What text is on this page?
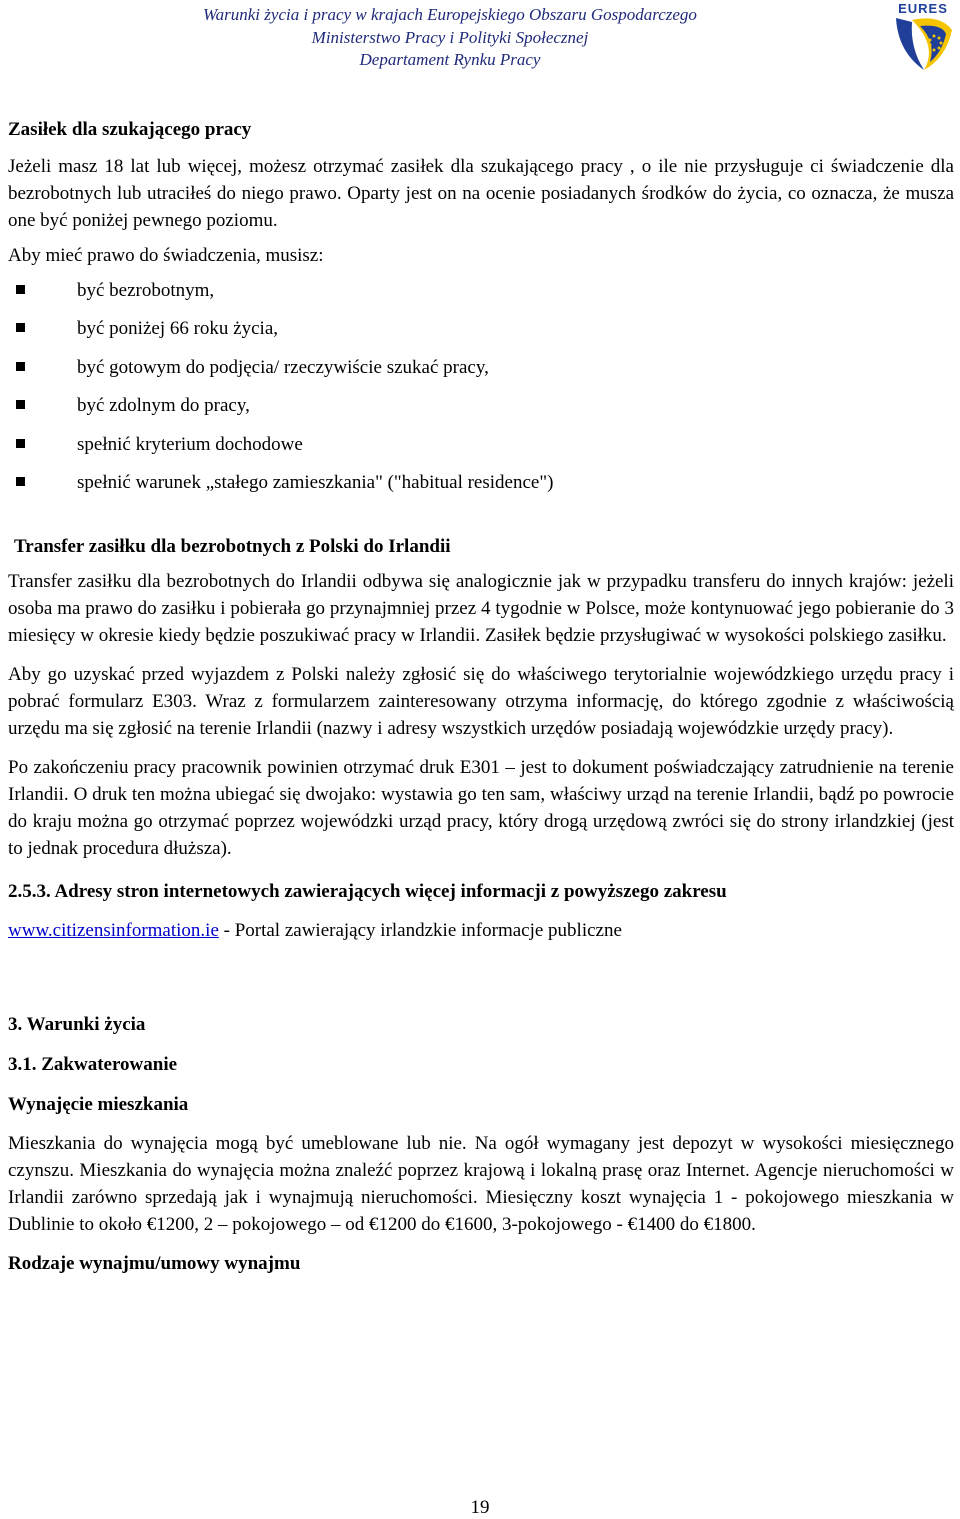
Warunki życia i pracy w krajach Europejskiego Obszaru Gospodarczego
Ministerstwo Pracy i Polityki Społecznej
Departament Rynku Pracy
EURES

Zasiłek dla szukającego pracy

Jeżeli masz 18 lat lub więcej, możesz otrzymać zasiłek dla szukającego pracy , o ile nie przysługuje ci świadczenie dla bezrobotnych lub utraciłeś do niego prawo. Oparty jest on na ocenie posiadanych środków do życia, co oznacza, że musza one być poniżej pewnego poziomu.

Aby mieć prawo do świadczenia, musisz:

być bezrobotnym,
być poniżej 66 roku życia,
być gotowym do podjęcia/ rzeczywiście szukać pracy,
być zdolnym do pracy,
spełnić kryterium dochodowe
spełnić warunek „stałego zamieszkania" ("habitual residence")

Transfer zasiłku dla bezrobotnych z Polski do Irlandii

Transfer zasiłku dla bezrobotnych do Irlandii odbywa się analogicznie jak w przypadku transferu do innych krajów: jeżeli osoba ma prawo do zasiłku i pobierała go przynajmniej przez 4 tygodnie w Polsce, może kontynuować jego pobieranie do 3 miesięcy w okresie kiedy będzie poszukiwać pracy w Irlandii. Zasiłek będzie przysługiwać w wysokości polskiego zasiłku.

Aby go uzyskać przed wyjazdem z Polski należy zgłosić się do właściwego terytorialnie wojewódzkiego urzędu pracy i pobrać formularz E303. Wraz z formularzem zainteresowany otrzyma informację, do którego zgodnie z właściwością urzędu ma się zgłosić na terenie Irlandii (nazwy i adresy wszystkich urzędów posiadają wojewódzkie urzędy pracy).

Po zakończeniu pracy pracownik powinien otrzymać druk E301 – jest to dokument poświadczający zatrudnienie na terenie Irlandii. O druk ten można ubiegać się dwojako: wystawia go ten sam, właściwy urząd na terenie Irlandii, bądź po powrocie do kraju można go otrzymać poprzez wojewódzki urząd pracy, który drogą urzędową zwróci się do strony irlandzkiej (jest to jednak procedura dłuższa).

2.5.3. Adresy stron internetowych zawierających więcej informacji z powyższego zakresu

www.citizensinformation.ie - Portal zawierający irlandzkie informacje publiczne

3. Warunki życia

3.1. Zakwaterowanie

Wynajęcie mieszkania

Mieszkania do wynajęcia mogą być umeblowane lub nie. Na ogół wymagany jest depozyt w wysokości miesięcznego czynszu. Mieszkania do wynajęcia można znaleźć poprzez krajową i lokalną prasę oraz Internet. Agencje nieruchomości w Irlandii zarówno sprzedają jak i wynajmują nieruchomości. Miesięczny koszt wynajęcia 1 - pokojowego mieszkania w Dublinie to około €1200, 2 – pokojowego – od €1200 do €1600, 3-pokojowego - €1400 do €1800.

Rodzaje wynajmu/umowy wynajmu

19
